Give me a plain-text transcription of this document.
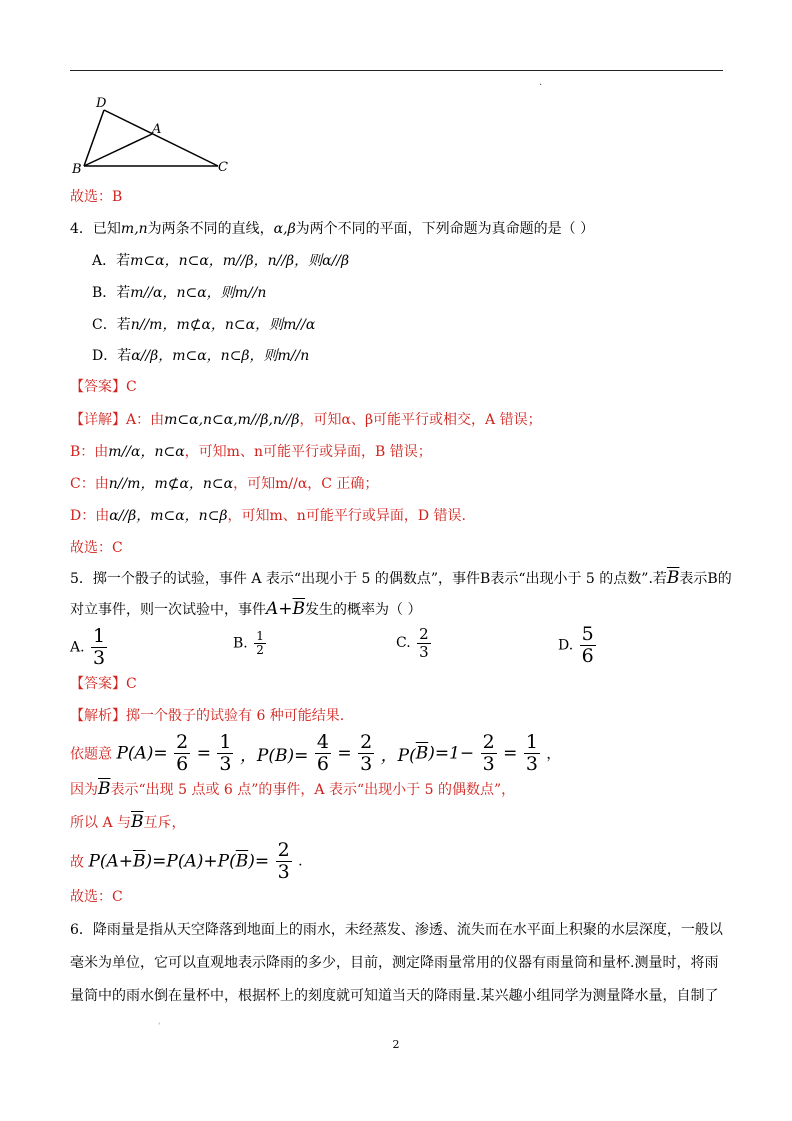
·
D
A
B	C
故选：B
4．已知m,n为两条不同的直线，α,β为两个不同的平面，下列命题为真命题的是（ ）
A．若m⊂α，n⊂α，m//β，n//β，则α//β
B．若m//α，n⊂α，则m//n
C．若n//m，m⊄α，n⊂α，则m//α
D．若α//β，m⊂α，n⊂β，则m//n
【答案】C
【详解】A：由m⊂α,n⊂α,m//β,n//β，可知α、β可能平行或相交，A 错误；
B：由m//α，n⊂α，可知m、n可能平行或异面，B 错误；
C：由n//m，m⊄α，n⊂α，可知m//α，C 正确；
D：由α//β，m⊂α，n⊂β，可知m、n可能平行或异面，D 错误.
故选：C
5．掷一个骰子的试验，事件 A 表示“出现小于 5 的偶数点”，事件B表示“出现小于 5 的点数”.若$\overline{B}$表示B的
对立事件，则一次试验中，事件$A+\overline{B}$发生的概率为（ ）
A. $\frac{1}{3}$	B. $\frac{1}{2}$	C. $\frac{2}{3}$	D. $\frac{5}{6}$
【答案】C
【解析】掷一个骰子的试验有 6 种可能结果.
依题意 $P(A)= \frac{2}{6} = \frac{1}{3}$ ，$P(B)= \frac{4}{6} = \frac{2}{3}$ ，$P(\overline{B})=1- \frac{2}{3} = \frac{1}{3}$ ，
因为$\overline{B}$表示“出现 5 点或 6 点”的事件，A 表示“出现小于 5 的偶数点”，
所以 A 与$\overline{B}$互斥，
故 $P(A+\overline{B})=P(A)+P(\overline{B})= \frac{2}{3}$ .
故选：C
6．降雨量是指从天空降落到地面上的雨水，未经蒸发、渗透、流失而在水平面上积聚的水层深度，一般以
毫米为单位，它可以直观地表示降雨的多少，目前，测定降雨量常用的仪器有雨量筒和量杯.测量时，将雨
量筒中的雨水倒在量杯中，根据杯上的刻度就可知道当天的降雨量.某兴趣小组同学为测量降水量，自制了
ˈ
2
